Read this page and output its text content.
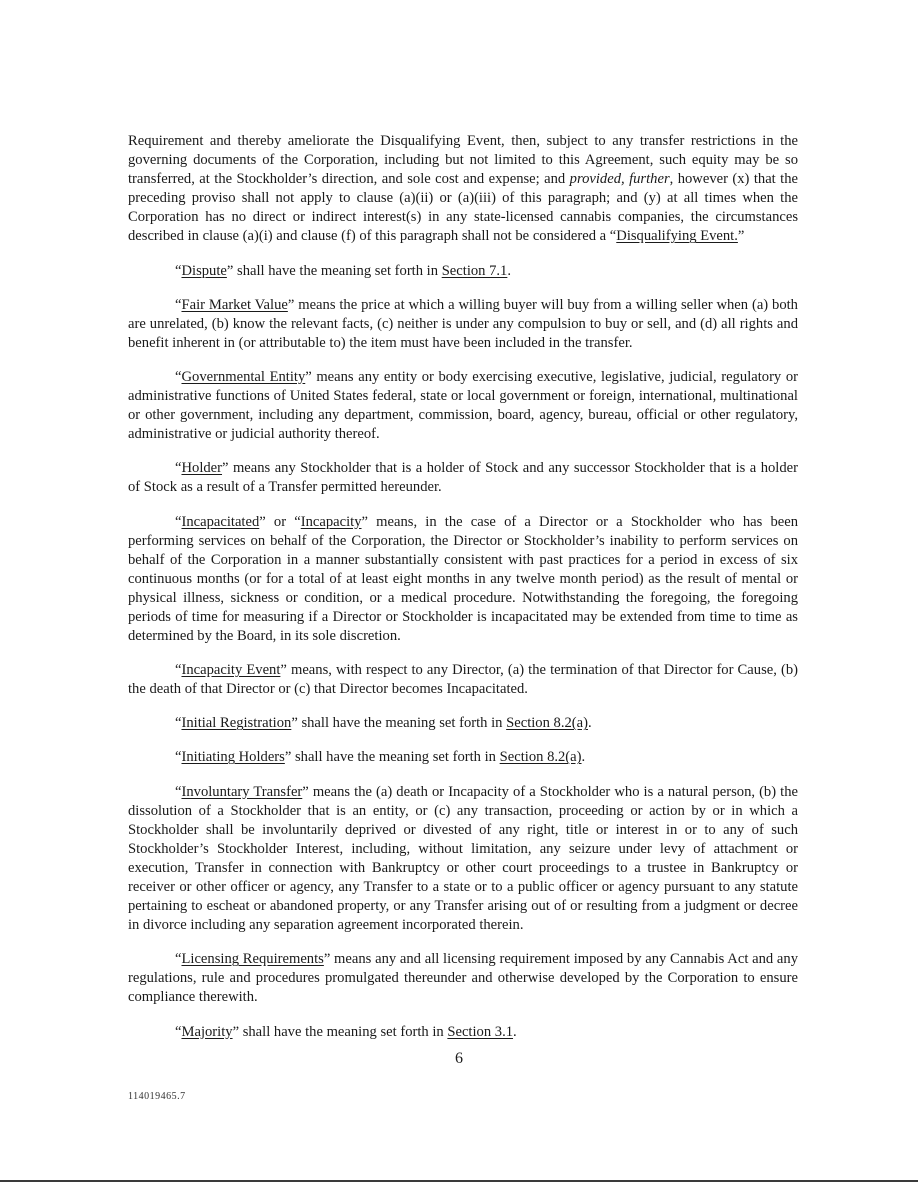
Requirement and thereby ameliorate the Disqualifying Event, then, subject to any transfer restrictions in the governing documents of the Corporation, including but not limited to this Agreement, such equity may be so transferred, at the Stockholder’s direction, and sole cost and expense; and provided, further, however (x) that the preceding proviso shall not apply to clause (a)(ii) or (a)(iii) of this paragraph; and (y) at all times when the Corporation has no direct or indirect interest(s) in any state-licensed cannabis companies, the circumstances described in clause (a)(i) and clause (f) of this paragraph shall not be considered a “Disqualifying Event.”

“Dispute” shall have the meaning set forth in Section 7.1.

“Fair Market Value” means the price at which a willing buyer will buy from a willing seller when (a) both are unrelated, (b) know the relevant facts, (c) neither is under any compulsion to buy or sell, and (d) all rights and benefit inherent in (or attributable to) the item must have been included in the transfer.

“Governmental Entity” means any entity or body exercising executive, legislative, judicial, regulatory or administrative functions of United States federal, state or local government or foreign, international, multinational or other government, including any department, commission, board, agency, bureau, official or other regulatory, administrative or judicial authority thereof.

“Holder” means any Stockholder that is a holder of Stock and any successor Stockholder that is a holder of Stock as a result of a Transfer permitted hereunder.

“Incapacitated” or “Incapacity” means, in the case of a Director or a Stockholder who has been performing services on behalf of the Corporation, the Director or Stockholder’s inability to perform services on behalf of the Corporation in a manner substantially consistent with past practices for a period in excess of six continuous months (or for a total of at least eight months in any twelve month period) as the result of mental or physical illness, sickness or condition, or a medical procedure. Notwithstanding the foregoing, the foregoing periods of time for measuring if a Director or Stockholder is incapacitated may be extended from time to time as determined by the Board, in its sole discretion.

“Incapacity Event” means, with respect to any Director, (a) the termination of that Director for Cause, (b) the death of that Director or (c) that Director becomes Incapacitated.

“Initial Registration” shall have the meaning set forth in Section 8.2(a).

“Initiating Holders” shall have the meaning set forth in Section 8.2(a).

“Involuntary Transfer” means the (a) death or Incapacity of a Stockholder who is a natural person, (b) the dissolution of a Stockholder that is an entity, or (c) any transaction, proceeding or action by or in which a Stockholder shall be involuntarily deprived or divested of any right, title or interest in or to any of such Stockholder’s Stockholder Interest, including, without limitation, any seizure under levy of attachment or execution, Transfer in connection with Bankruptcy or other court proceedings to a trustee in Bankruptcy or receiver or other officer or agency, any Transfer to a state or to a public officer or agency pursuant to any statute pertaining to escheat or abandoned property, or any Transfer arising out of or resulting from a judgment or decree in divorce including any separation agreement incorporated therein.

“Licensing Requirements” means any and all licensing requirement imposed by any Cannabis Act and any regulations, rule and procedures promulgated thereunder and otherwise developed by the Corporation to ensure compliance therewith.

“Majority” shall have the meaning set forth in Section 3.1.

6
114019465.7
